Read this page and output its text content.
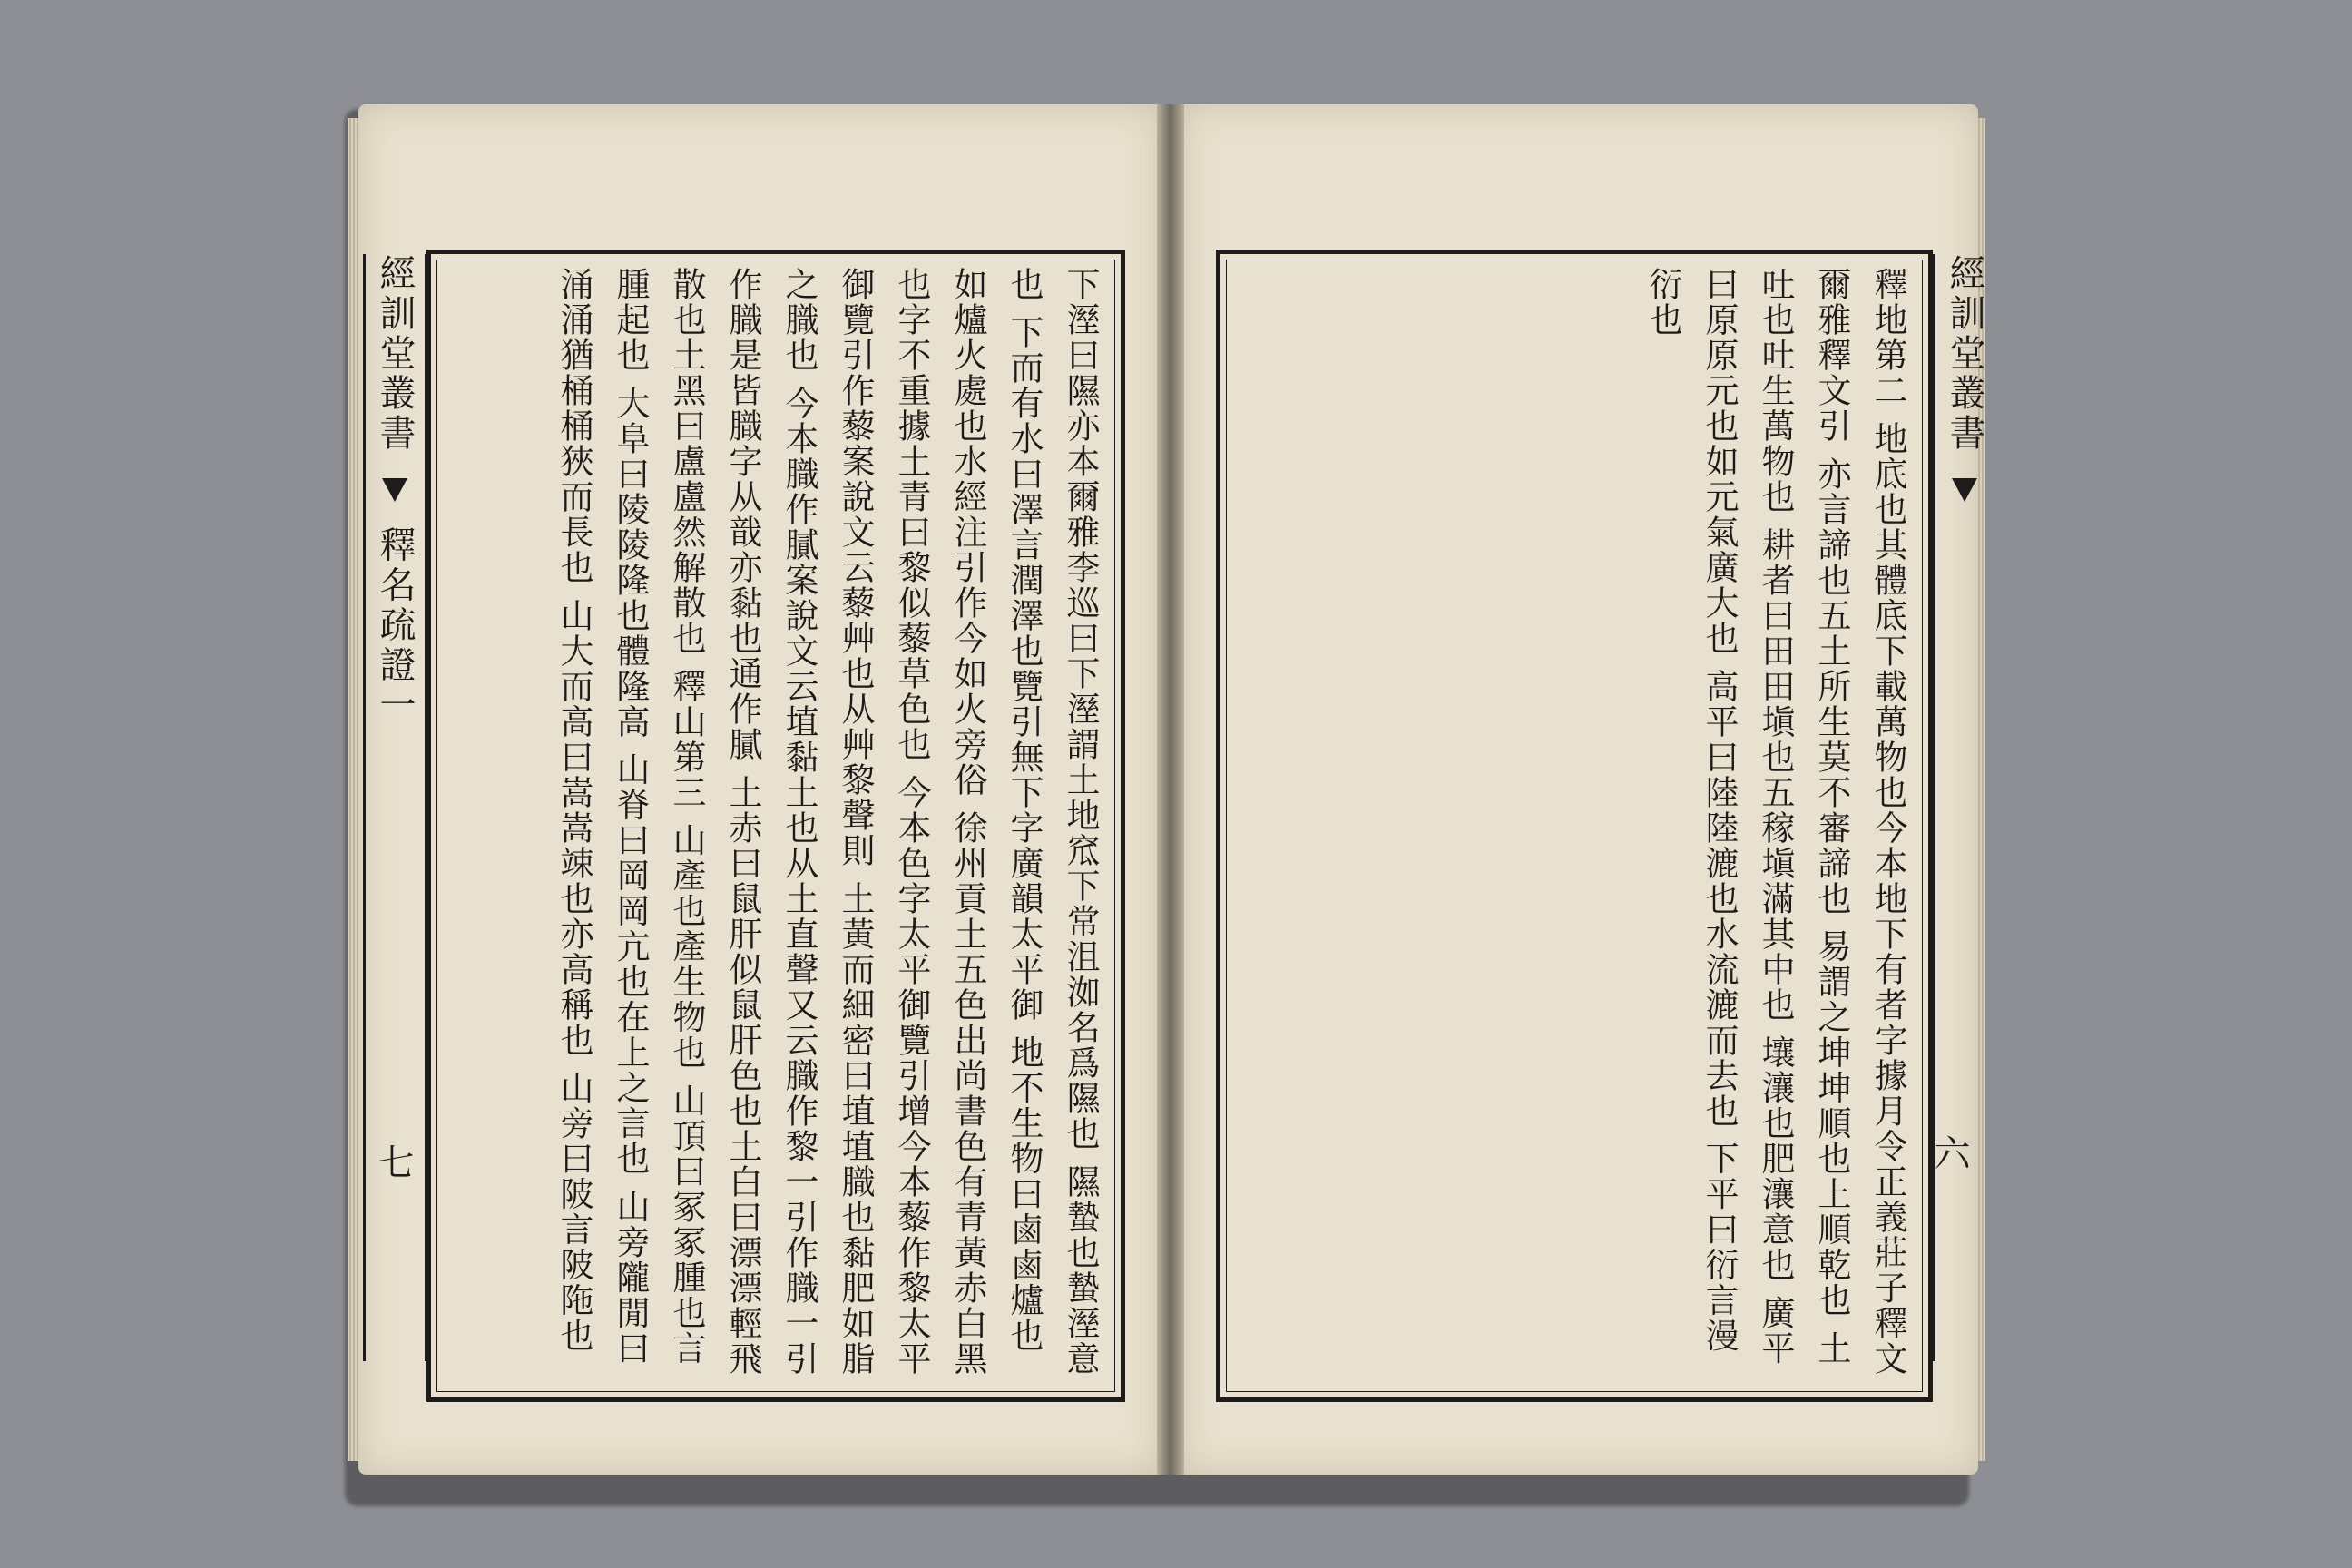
經訓堂叢書  釋名疏證一
七
下溼曰隰亦本爾雅李巡曰下溼謂土地窊下常沮洳名爲隰也 隰蟄也蟄溼意也 下而有水曰澤言潤澤也覽引無下字廣韻太平御 地不生物曰鹵鹵爐也如爐火處也水經注引作今如火旁俗 徐州貢土五色出尚書色有青黃赤白黑也字不重據土青曰黎似藜草色也 今本色字太平御覽引增今本藜作黎太平御覽引作藜案說文云藜艸也从艸黎聲則 土黃而細密曰埴埴膱也黏肥如脂之膱也 今本膱作膩案說文云埴黏土也从土直聲又云膱作黎一引作膱一引作膱是皆膱字从戠亦黏也通作膩 土赤曰鼠肝似鼠肝色也土白曰漂漂輕飛散也土黑曰盧盧然解散也 釋山第三 山產也產生物也 山頂曰冢冢腫也言腫起也 大阜曰陵陵隆也體隆高 山脊曰岡岡亢也在上之言也 山旁隴閒曰涌涌猶桶桶狹而長也 山大而高曰嵩嵩竦也亦高稱也 山旁曰陂言陂陁也
釋地第二 地底也其體底下載萬物也今本地下有者字據月令正義莊子釋文爾雅釋文引 亦言諦也五土所生莫不審諦也 易謂之坤坤順也上順乾也 土吐也吐生萬物也 耕者曰田田塡也五稼塡滿其中也 壤瀼也肥瀼意也 廣平曰原原元也如元氣廣大也 高平曰陸陸漉也水流漉而去也 下平曰衍言漫衍也	經訓堂叢書
六
